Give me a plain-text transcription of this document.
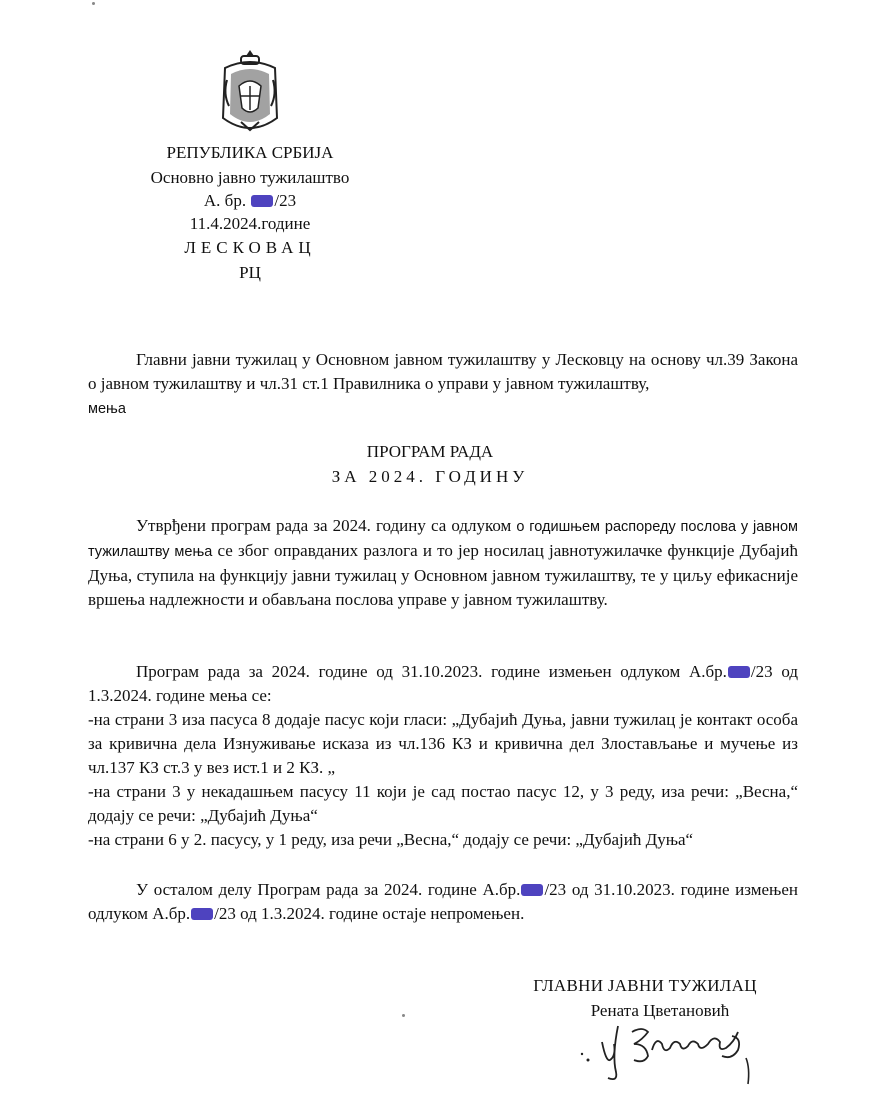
РЕПУБЛИКА СРБИЈА
Основно јавно тужилаштво
А. бр. /23
11.4.2024.године
ЛЕСКОВАЦ
РЦ
Главни јавни тужилац у Основном јавном тужилаштву у Лесковцу на основу чл.39 Закона о јавном тужилаштву и чл.31 ст.1 Правилника о управи у јавном тужилаштву,
мења
ПРОГРАМ РАДА
ЗА 2024. ГОДИНУ
Утврђени програм рада за 2024. годину са одлуком о годишњем распореду послова у јавном тужилаштву мења се због оправданих разлога и то јер носилац јавнотужилачке функције Дубајић Дуња, ступила на функцију јавни тужилац у Основном јавном тужилаштву, те у циљу ефикасније вршења надлежности и обављана послова управе у јавном тужилаштву.
Програм рада за 2024. године од 31.10.2023. године измењен одлуком А.бр. /23 од 1.3.2024. године мења се:
-на страни 3 иза пасуса 8 додаје пасус који гласи: „Дубајић Дуња, јавни тужилац је контакт особа за кривична дела Изнуживање исказа из чл.136 КЗ и кривична дел Злостављање и мучење из чл.137 КЗ ст.3 у вез ист.1 и 2 КЗ. „
-на страни 3 у некадашњем пасусу 11 који је сад постао пасус 12, у 3 реду, иза речи: „Весна,“ додају се речи: „Дубајић Дуња“
-на страни 6 у 2. пасусу, у 1 реду, иза речи „Весна,“ додају се речи: „Дубајић Дуња“
У осталом делу Програм рада за 2024. године А.бр. /23 од 31.10.2023. године измењен одлуком А.бр. /23 од 1.3.2024. године остаје непромењен.
ГЛАВНИ ЈАВНИ ТУЖИЛАЦ
Рената Цветановић
